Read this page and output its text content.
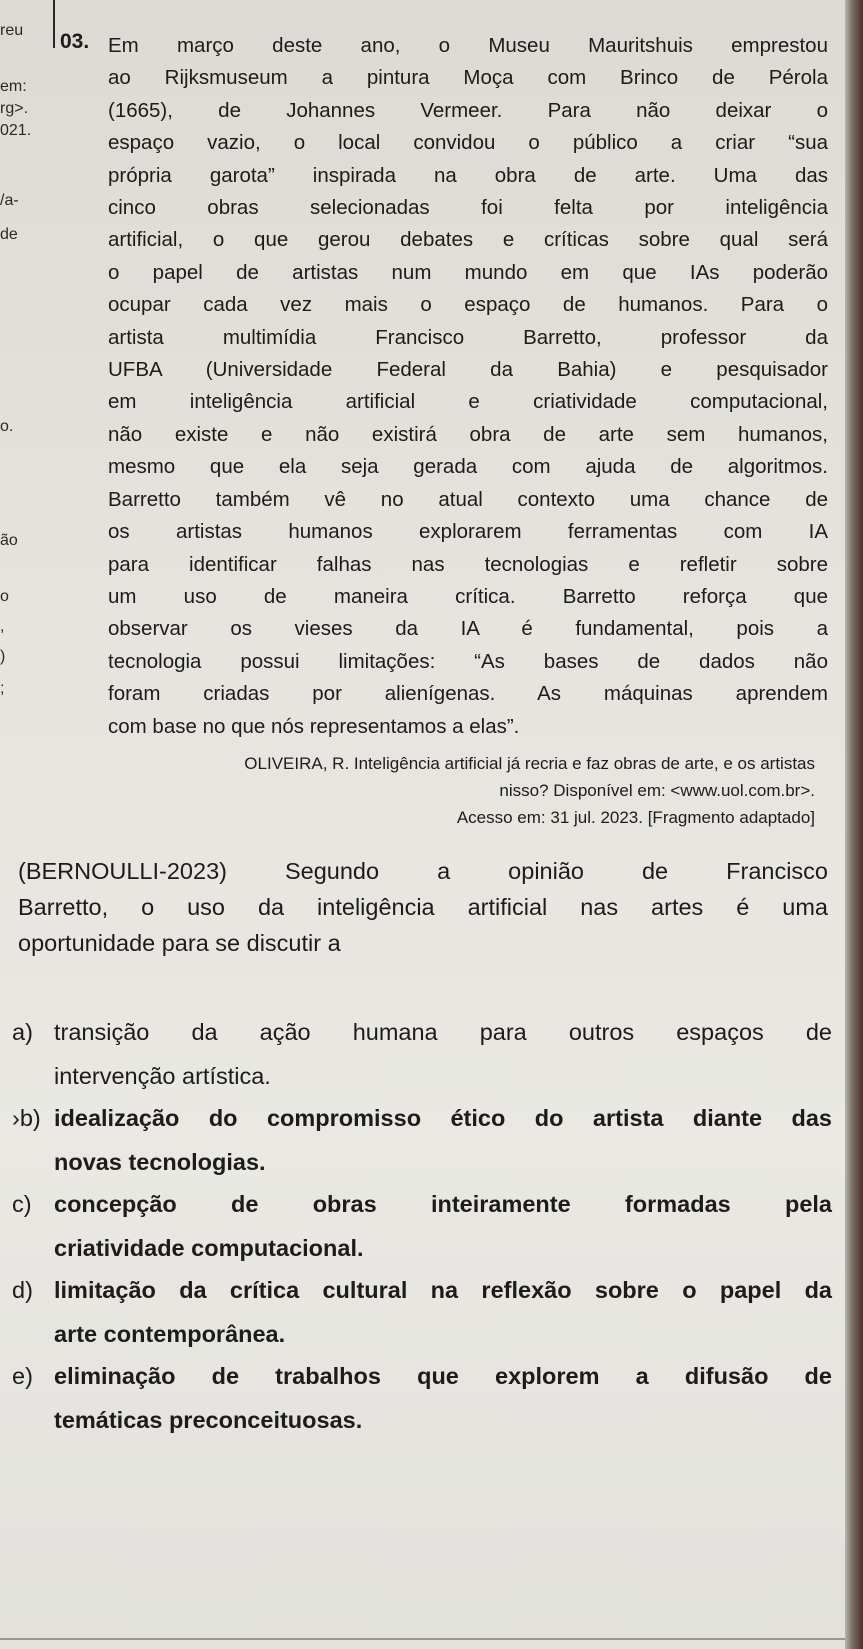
reu
em:
rg>.
021.
/a-
de
o.
ão
o
,
)
;
03. Em março deste ano, o Museu Mauritshuis emprestou
ao Rijksmuseum a pintura Moça com Brinco de Pérola
(1665), de Johannes Vermeer. Para não deixar o
espaço vazio, o local convidou o público a criar “sua
própria garota” inspirada na obra de arte. Uma das
cinco obras selecionadas foi felta por inteligência
artificial, o que gerou debates e críticas sobre qual será
o papel de artistas num mundo em que IAs poderão
ocupar cada vez mais o espaço de humanos. Para o
artista multimídia Francisco Barretto, professor da
UFBA (Universidade Federal da Bahia) e pesquisador
em inteligência artificial e criatividade computacional,
não existe e não existirá obra de arte sem humanos,
mesmo que ela seja gerada com ajuda de algoritmos.
Barretto também vê no atual contexto uma chance de
os artistas humanos explorarem ferramentas com IA
para identificar falhas nas tecnologias e refletir sobre
um uso de maneira crítica. Barretto reforça que
observar os vieses da IA é fundamental, pois a
tecnologia possui limitações: “As bases de dados não
foram criadas por alienígenas. As máquinas aprendem
com base no que nós representamos a elas”.
OLIVEIRA, R. Inteligência artificial já recria e faz obras de arte, e os artistas
nisso? Disponível em: <www.uol.com.br>.
Acesso em: 31 jul. 2023. [Fragmento adaptado]
(BERNOULLI-2023) Segundo a opinião de Francisco
Barretto, o uso da inteligência artificial nas artes é uma
oportunidade para se discutir a
a) transição da ação humana para outros espaços de
intervenção artística.
›b) idealização do compromisso ético do artista diante das
novas tecnologias.
c) concepção de obras inteiramente formadas pela
criatividade computacional.
d) limitação da crítica cultural na reflexão sobre o papel da
arte contemporânea.
e) eliminação de trabalhos que explorem a difusão de
temáticas preconceituosas.
